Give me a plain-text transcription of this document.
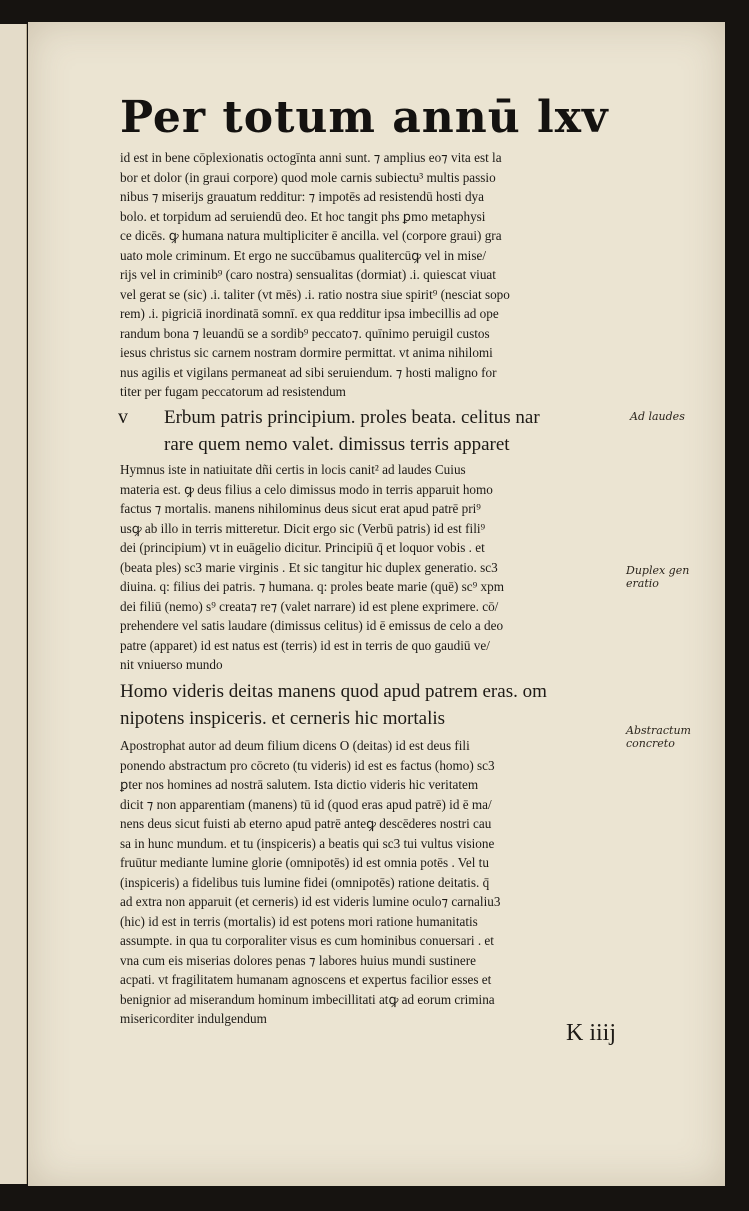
Per totum annū lxv
id est in bene cōplexionatis octogīnta anni sunt. ⁊ amplius eo⁊ vita est la
bor et dolor (in graui corpore) quod mole carnis subiectu³ multis passio
nibus ⁊ miserijs grauatum redditur: ⁊ impotēs ad resistendū hosti dya
bolo. et torpidum ad seruiendū deo. Et hoc tangit phs ꝑmo metaphysi
ce dicēs. ꝙ humana natura multipliciter ē ancilla. vel (corpore graui) gra
uato mole criminum. Et ergo ne succūbamus qualitercūꝙ vel in mise/
rijs vel in criminib⁹ (caro nostra) sensualitas (dormiat) .i. quiescat viuat
vel gerat se (sic) .i. taliter (vt mēs) .i. ratio nostra siue spirit⁹ (nesciat sopo
rem) .i. pigriciā inordinatā somnī. ex qua redditur ipsa imbecillis ad ope
randum bona ⁊ leuandū se a sordib⁹ peccato⁊. quīnimo peruigil custos
iesus christus sic carnem nostram dormire permittat. vt anima nihilomi
nus agilis et vigilans permaneat ad sibi seruiendum. ⁊ hosti maligno for
titer per fugam peccatorum ad resistendum
v Erbum patris principium. proles beata. celitus nar
rare quem nemo valet. dimissus terris apparet
Hymnus iste in natiuitate dñi certis in locis canit² ad laudes Cuius
materia est. ꝙ deus filius a celo dimissus modo in terris apparuit homo
factus ⁊ mortalis. manens nihilominus deus sicut erat apud patrē pri⁹
usꝙ ab illo in terris mitteretur. Dicit ergo sic (Verbū patris) id est fili⁹
dei (principium) vt in euāgelio dicitur. Principiū q̄ et loquor vobis . et
(beata ples) sc3 marie virginis . Et sic tangitur hic duplex generatio. sc3
diuina. q: filius dei patris. ⁊ humana. q: proles beate marie (quē) sc⁹ xpm
dei filiū (nemo) s⁹ creata⁊ re⁊ (valet narrare) id est plene exprimere. cō/
prehendere vel satis laudare (dimissus celitus) id ē emissus de celo a deo
patre (apparet) id est natus est (terris) id est in terris de quo gaudiū ve/
nit vniuerso mundo
Homo videris deitas manens quod apud patrem eras. om
nipotens inspiceris. et cerneris hic mortalis
Apostrophat autor ad deum filium dicens O (deitas) id est deus fili
ponendo abstractum pro cōcreto (tu videris) id est es factus (homo) sc3
ꝑter nos homines ad nostrā salutem. Ista dictio videris hic veritatem
dicit ⁊ non apparentiam (manens) tū id (quod eras apud patrē) id ē ma/
nens deus sicut fuisti ab eterno apud patrē anteꝙ descēderes nostri cau
sa in hunc mundum. et tu (inspiceris) a beatis qui sc3 tui vultus visione
fruūtur mediante lumine glorie (omnipotēs) id est omnia potēs . Vel tu
(inspiceris) a fidelibus tuis lumine fidei (omnipotēs) ratione deitatis. q̄
ad extra non apparuit (et cerneris) id est videris lumine oculo⁊ carnaliu3
(hic) id est in terris (mortalis) id est potens mori ratione humanitatis
assumpte. in qua tu corporaliter visus es cum hominibus conuersari . et
vna cum eis miserias dolores penas ⁊ labores huius mundi sustinere
acpati. vt fragilitatem humanam agnoscens et expertus facilior esses et
benignior ad miserandum hominum imbecillitati atꝙ ad eorum crimina
misericorditer indulgendum
K iiij
Ad laudes
Duplex gen
eratio
Abstractum
concreto
